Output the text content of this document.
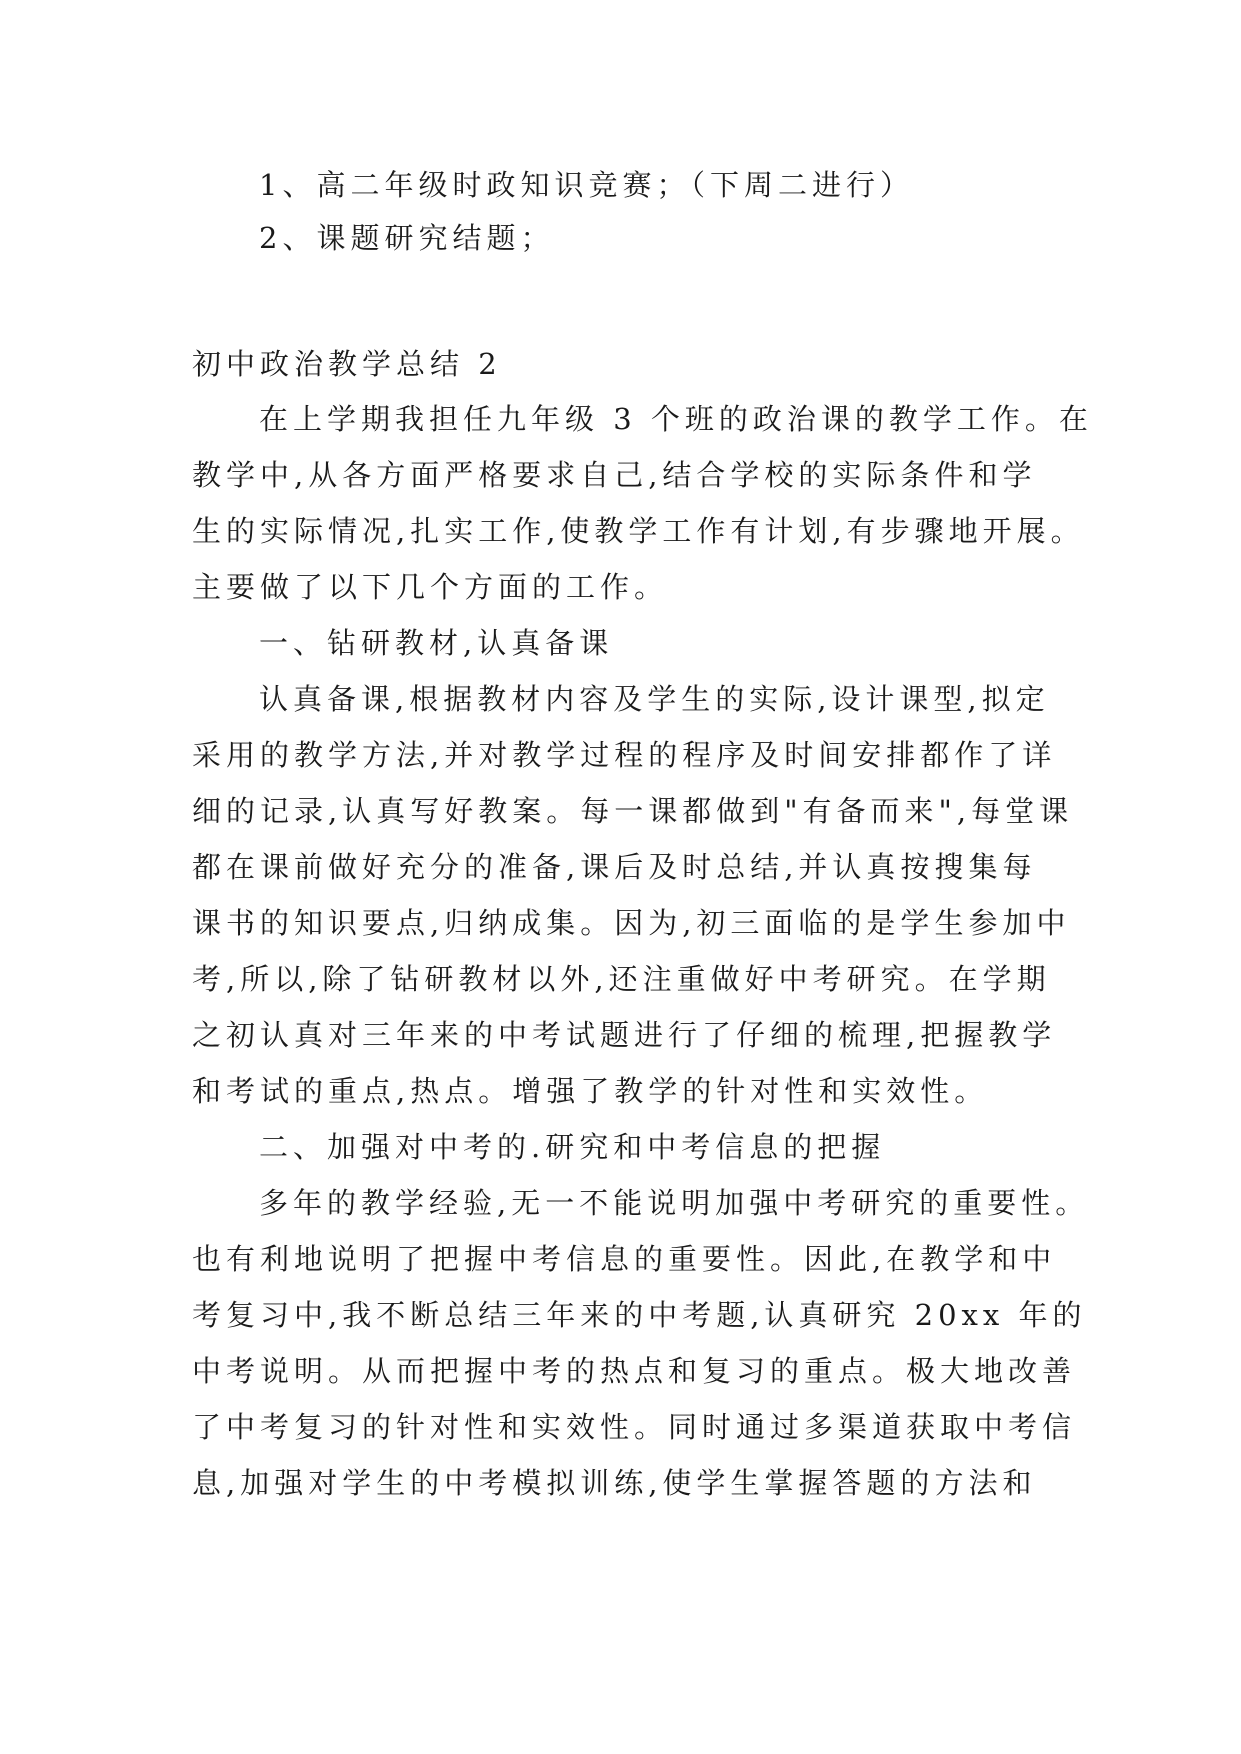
1、高二年级时政知识竞赛；（下周二进行）
2、课题研究结题；
初中政治教学总结 2
在上学期我担任九年级 3 个班的政治课的教学工作。在
教学中,从各方面严格要求自己,结合学校的实际条件和学
生的实际情况,扎实工作,使教学工作有计划,有步骤地开展。
主要做了以下几个方面的工作。
一、钻研教材,认真备课
认真备课,根据教材内容及学生的实际,设计课型,拟定
采用的教学方法,并对教学过程的程序及时间安排都作了详
细的记录,认真写好教案。每一课都做到"有备而来",每堂课
都在课前做好充分的准备,课后及时总结,并认真按搜集每
课书的知识要点,归纳成集。因为,初三面临的是学生参加中
考,所以,除了钻研教材以外,还注重做好中考研究。在学期
之初认真对三年来的中考试题进行了仔细的梳理,把握教学
和考试的重点,热点。增强了教学的针对性和实效性。
二、加强对中考的.研究和中考信息的把握
多年的教学经验,无一不能说明加强中考研究的重要性。
也有利地说明了把握中考信息的重要性。因此,在教学和中
考复习中,我不断总结三年来的中考题,认真研究 20xx 年的
中考说明。从而把握中考的热点和复习的重点。极大地改善
了中考复习的针对性和实效性。同时通过多渠道获取中考信
息,加强对学生的中考模拟训练,使学生掌握答题的方法和
